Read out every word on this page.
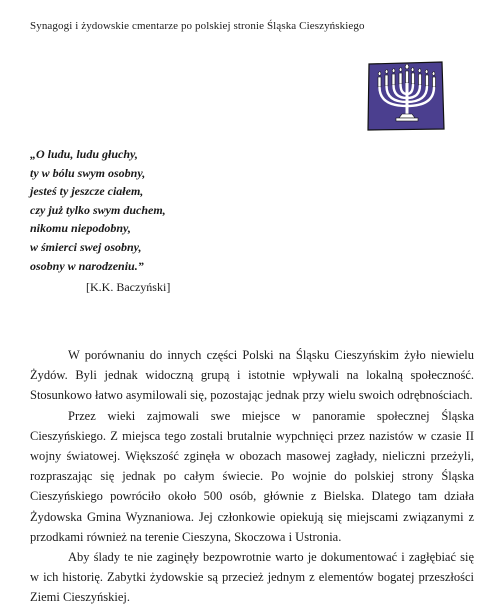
Synagogi i żydowskie cmentarze po polskiej stronie Śląska Cieszyńskiego
„O ludu, ludu głuchy,
ty w bólu swym osobny,
jesteś ty jeszcze ciałem,
czy już tylko swym duchem,
nikomu niepodobny,
w śmierci swej osobny,
osobny w narodzeniu.”
[K.K. Baczyński]

W porównaniu do innych części Polski na Śląsku Cieszyńskim żyło niewielu Żydów. Byli jednak widoczną grupą i istotnie wpływali na lokalną społeczność. Stosunkowo łatwo asymilowali się, pozostając jednak przy wielu swoich odrębnościach.

Przez wieki zajmowali swe miejsce w panoramie społecznej Śląska Cieszyńskiego. Z miejsca tego zostali brutalnie wypchnięci przez nazistów w czasie II wojny światowej. Większość zginęła w obozach masowej zagłady, nieliczni przeżyli, rozpraszając się jednak po całym świecie. Po wojnie do polskiej strony Śląska Cieszyńskiego powróciło około 500 osób, głównie z Bielska. Dlatego tam działa Żydowska Gmina Wyznaniowa. Jej członkowie opiekują się miejscami związanymi z przodkami również na terenie Cieszyna, Skoczowa i Ustronia.

Aby ślady te nie zaginęły bezpowrotnie warto je dokumentować i zagłębiać się w ich historię. Zabytki żydowskie są przecież jednym z elementów bogatej przeszłości Ziemi Cieszyńskiej.
